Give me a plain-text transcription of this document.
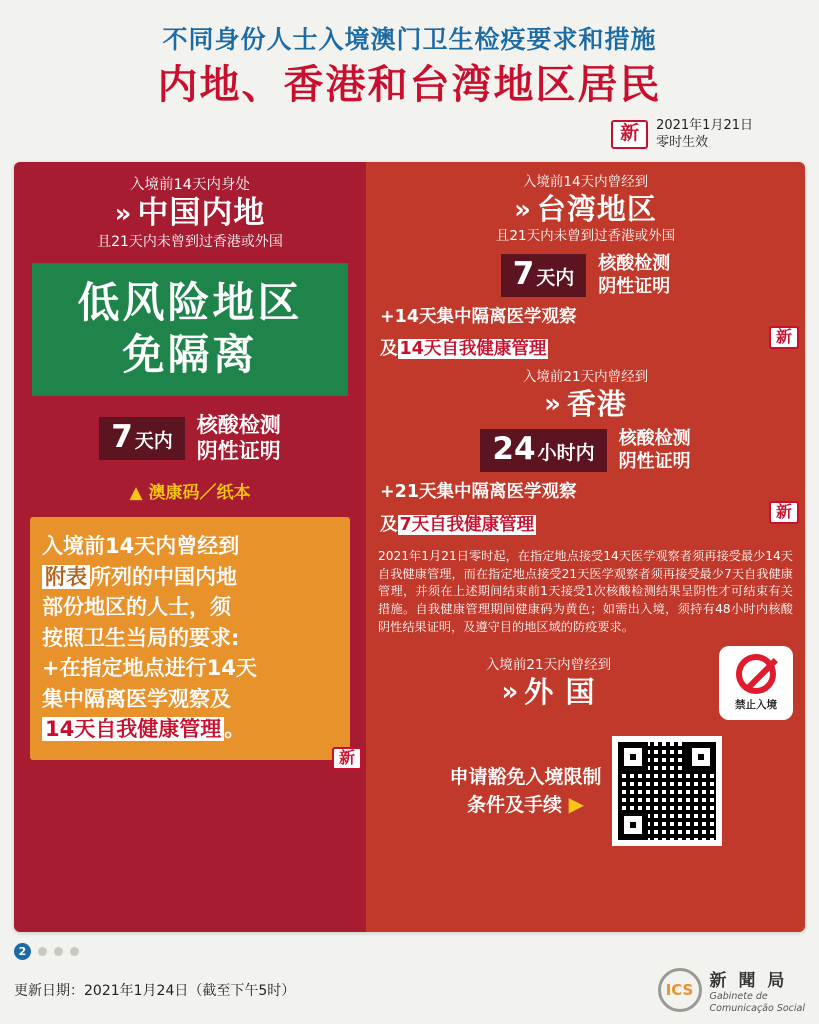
不同身份人士入境澳门卫生检疫要求和措施
内地、香港和台湾地区居民
新	2021年1月21日
零时生效
入境前14天内身处
» 中国内地
且21天内未曾到过香港或外国
低风险地区
免隔离
7 天内
核酸检测
阴性证明
▲ 澳康码／纸本

入境前14天内曾经到

附表 所列的中国内地

部份地区的人士，须

按照卫生当局的要求:

+在指定地点进行14天

集中隔离医学观察及

14天自我健康管理 。

新
入境前14天内曾经到
» 台湾地区
且21天内未曾到过香港或外国
7 天内
核酸检测
阴性证明
+14天集中隔离医学观察
及 14天自我健康管理
新
入境前21天内曾经到
» 香港
24 小时内
核酸检测
阴性证明
+21天集中隔离医学观察
及 7天自我健康管理
新
2021年1月21日零时起，在指定地点接受14天医学观察者须再接受最少14天自我健康管理，而在指定地点接受21天医学观察者须再接受最少7天自我健康管理，并须在上述期间结束前1天接受1次核酸检测结果呈阴性才可结束有关措施。自我健康管理期间健康码为黄色；如需出入境，须持有48小时内核酸阴性结果证明，及遵守目的地区域的防疫要求。
入境前21天内曾经到
» 外 国	禁止入境
申请豁免入境限制
条件及手续 ▶
2
更新日期：2021年1月24日（截至下午5时）	ICS 新 聞 局
Gabinete de
Comunicação Social
